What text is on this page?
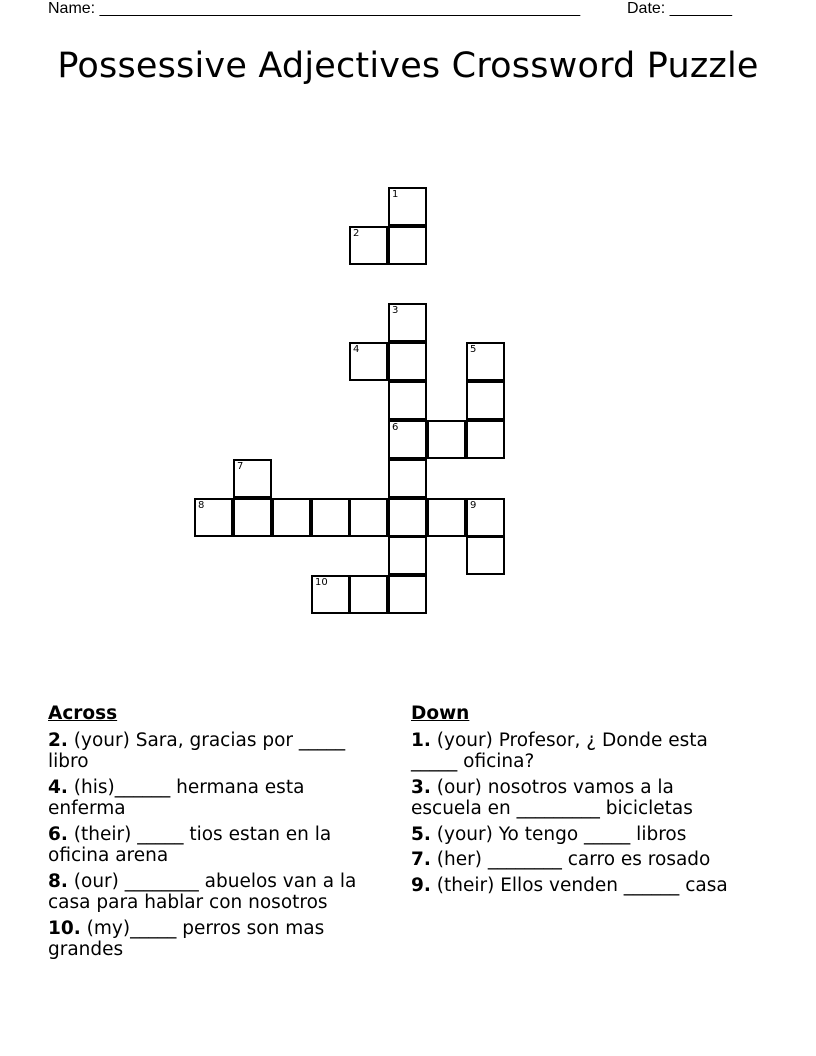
Name: ______________________________________________________	Date: _______
Possessive Adjectives Crossword Puzzle
1
2
3
4	5
6
7
8	9
10
Across
2. (your) Sara, gracias por _____ libro
4. (his)______ hermana esta enferma
6. (their) _____ tios estan en la oficina arena
8. (our) ________ abuelos van a la casa para hablar con nosotros
10. (my)_____ perros son mas grandes
Down
1. (your) Profesor, ¿ Donde esta _____ oficina?
3. (our) nosotros vamos a la escuela en _________ bicicletas
5. (your) Yo tengo _____ libros
7. (her) ________ carro es rosado
9. (their) Ellos venden ______ casa
